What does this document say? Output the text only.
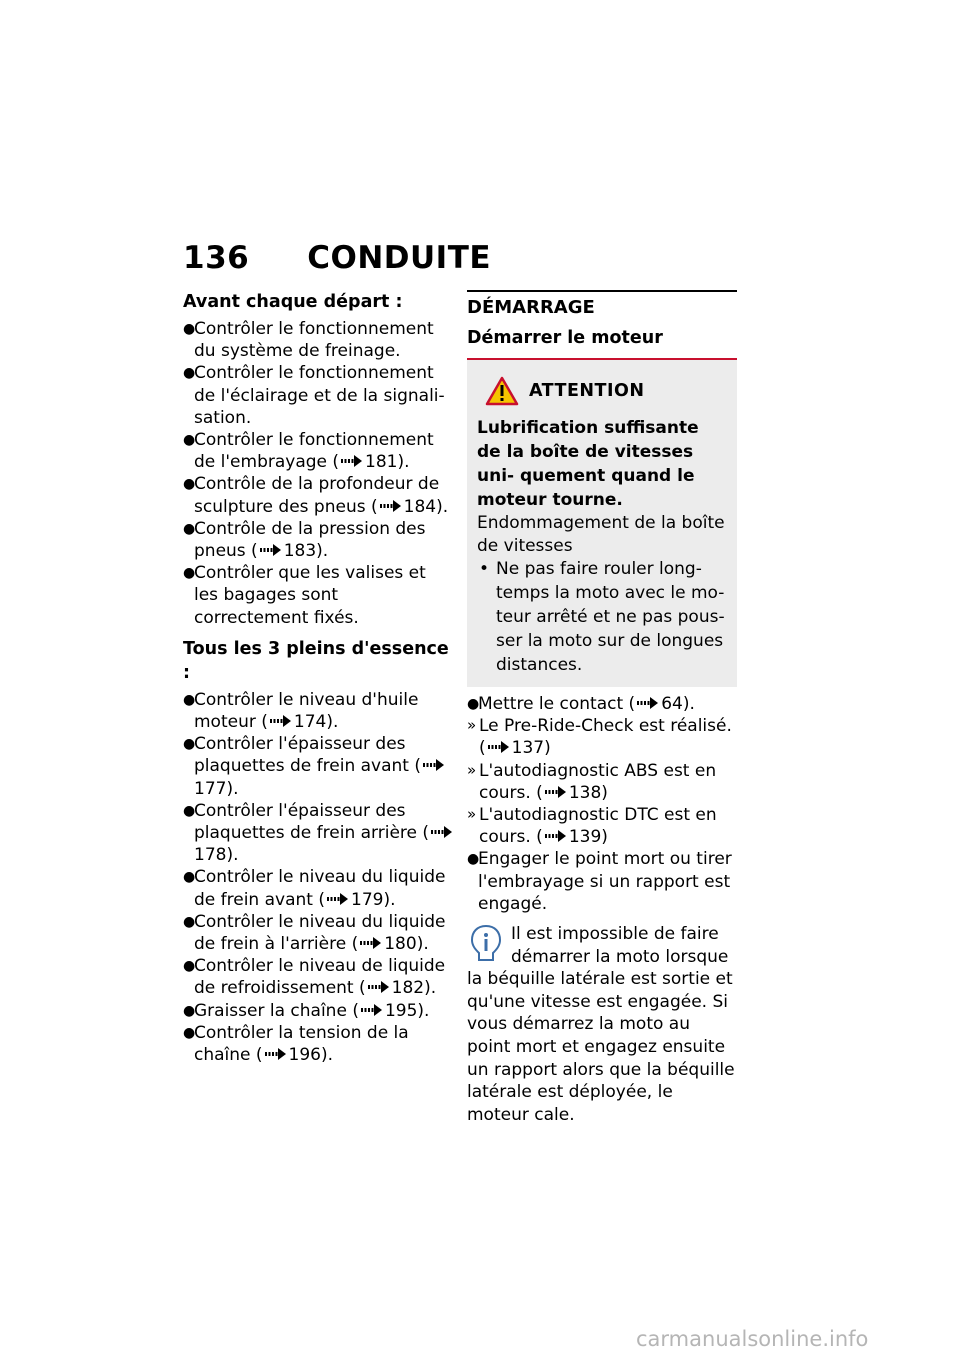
136 CONDUITE
Avant chaque départ :
●
Contrôler le fonctionnement du système de freinage.
●
Contrôler le fonctionnement de l'éclairage et de la signali- sation.
●
Contrôler le fonctionnement de l'embrayage ( 181).
●
Contrôle de la profondeur de sculpture des pneus ( 184).
●
Contrôle de la pression des pneus ( 183).
●
Contrôler que les valises et les bagages sont correctement fixés.
Tous les 3 pleins d'essence :
●
Contrôler le niveau d'huile moteur ( 174).
●
Contrôler l'épaisseur des plaquettes de frein avant (177).
●
Contrôler l'épaisseur des plaquettes de frein arrière (178).
●
Contrôler le niveau du liquide de frein avant ( 179).
●
Contrôler le niveau du liquide de frein à l'arrière ( 180).
●
Contrôler le niveau de liquide de refroidissement ( 182).
●
Graisser la chaîne ( 195).
●
Contrôler la tension de la chaîne ( 196).
DÉMARRAGE
Démarrer le moteur
ATTENTION
Lubrification suffisante de la boîte de vitesses uni- quement quand le moteur tourne.
Endommagement de la boîte de vitesses
• Ne pas faire rouler long- temps la moto avec le mo- teur arrêté et ne pas pous- ser la moto sur de longues distances.
●
Mettre le contact ( 64).
» Le Pre-Ride-Check est réalisé. ( 137)
» L'autodiagnostic ABS est en cours. ( 138)
» L'autodiagnostic DTC est en cours. ( 139)
●
Engager le point mort ou tirer l'embrayage si un rapport est engagé.
Il est impossible de faire démarrer la moto lorsque la béquille latérale est sortie et qu'une vitesse est engagée. Si vous démarrez la moto au point mort et engagez ensuite un rapport alors que la béquille latérale est déployée, le moteur cale.
carmanualsonline.info
